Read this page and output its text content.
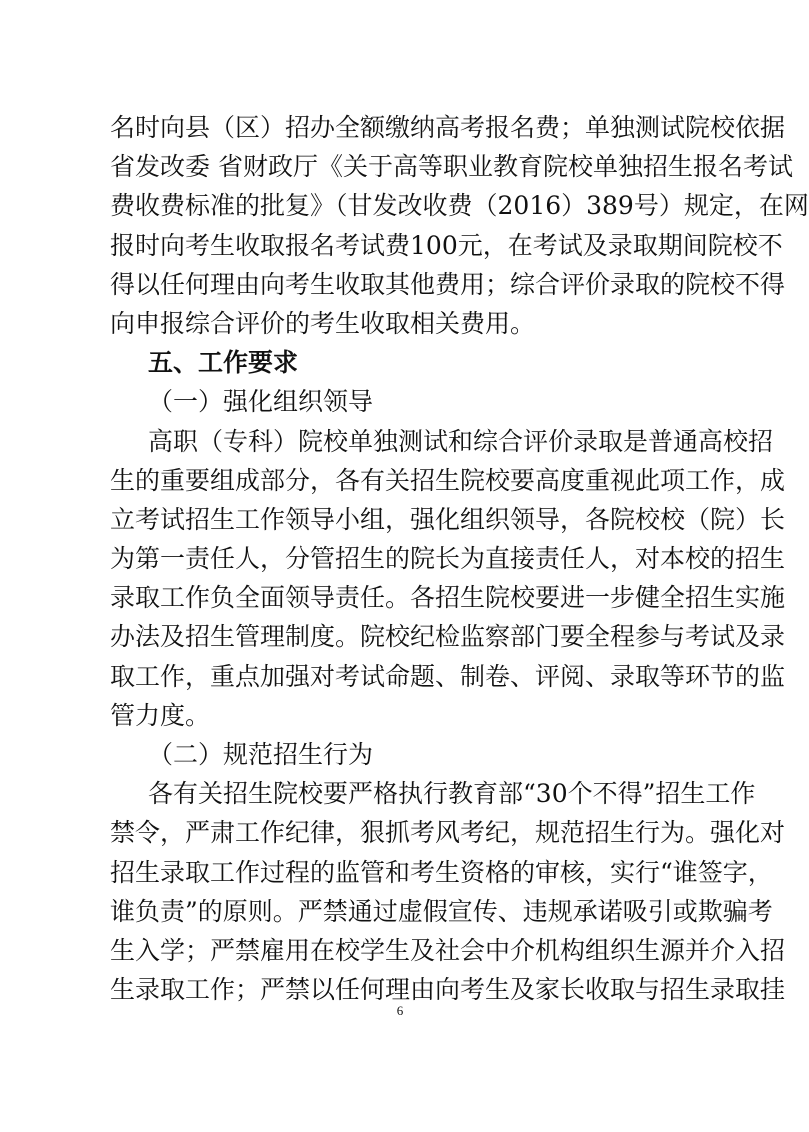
名时向县（区）招办全额缴纳高考报名费；单独测试院校依据
省发改委 省财政厅《关于高等职业教育院校单独招生报名考试
费收费标准的批复》（甘发改收费（2016）389号）规定，在网
报时向考生收取报名考试费100元，在考试及录取期间院校不
得以任何理由向考生收取其他费用；综合评价录取的院校不得
向申报综合评价的考生收取相关费用。
五、工作要求
（一）强化组织领导
高职（专科）院校单独测试和综合评价录取是普通高校招
生的重要组成部分，各有关招生院校要高度重视此项工作，成
立考试招生工作领导小组，强化组织领导，各院校校（院）长
为第一责任人，分管招生的院长为直接责任人，对本校的招生
录取工作负全面领导责任。各招生院校要进一步健全招生实施
办法及招生管理制度。院校纪检监察部门要全程参与考试及录
取工作，重点加强对考试命题、制卷、评阅、录取等环节的监
管力度。
（二）规范招生行为
各有关招生院校要严格执行教育部“30个不得”招生工作
禁令，严肃工作纪律，狠抓考风考纪，规范招生行为。强化对
招生录取工作过程的监管和考生资格的审核，实行“谁签字，
谁负责”的原则。严禁通过虚假宣传、违规承诺吸引或欺骗考
生入学；严禁雇用在校学生及社会中介机构组织生源并介入招
生录取工作；严禁以任何理由向考生及家长收取与招生录取挂
6
